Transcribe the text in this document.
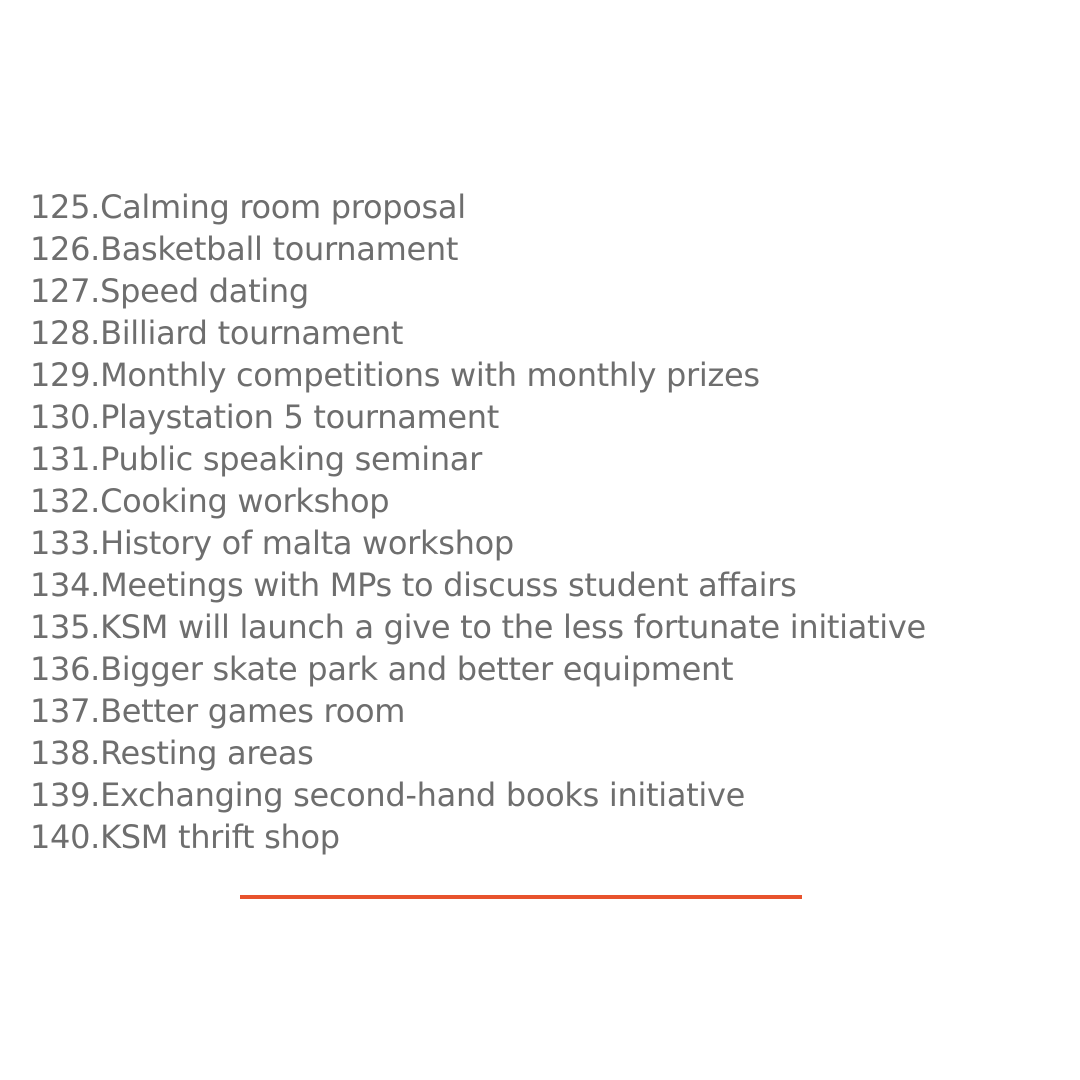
125.Calming room proposal
126.Basketball tournament
127.Speed dating
128.Billiard tournament
129.Monthly competitions with monthly prizes
130.Playstation 5 tournament
131.Public speaking seminar
132.Cooking workshop
133.History of malta workshop
134.Meetings with MPs to discuss student affairs
135.KSM will launch a give to the less fortunate initiative
136.Bigger skate park and better equipment
137.Better games room
138.Resting areas
139.Exchanging second-hand books initiative
140.KSM thrift shop
